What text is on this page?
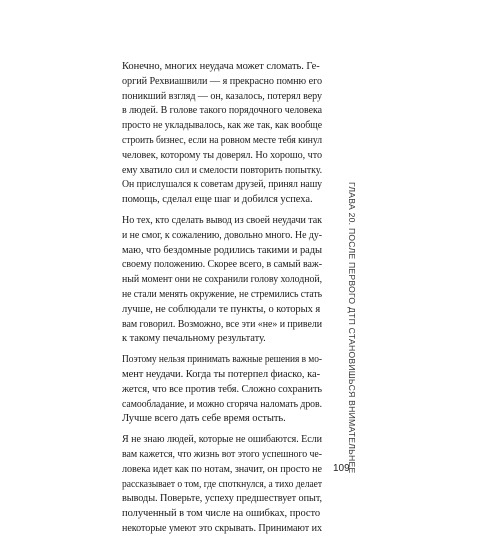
Конечно, многих неудача может сломать. Ге-
оргий Рехвиашвили — я прекрасно помню его
поникший взгляд — он, казалось, потерял веру
в людей. В голове такого порядочного человека
просто не укладывалось, как же так, как вообще
строить бизнес, если на ровном месте тебя кинул
человек, которому ты доверял. Но хорошо, что
ему хватило сил и смелости повторить попытку.
Он прислушался к советам друзей, принял нашу
помощь, сделал еще шаг и добился успеха.

Но тех, кто сделать вывод из своей неудачи так
и не смог, к сожалению, довольно много. Не ду-
маю, что бездомные родились такими и рады
своему положению. Скорее всего, в самый важ-
ный момент они не сохранили голову холодной,
не стали менять окружение, не стремились стать
лучше, не соблюдали те пункты, о которых я
вам говорил. Возможно, все эти «не» и привели
к такому печальному результату.

Поэтому нельзя принимать важные решения в мо-
мент неудачи. Когда ты потерпел фиаско, ка-
жется, что все против тебя. Сложно сохранить
самообладание, и можно сгоряча наломать дров.
Лучше всего дать себе время остыть.

Я не знаю людей, которые не ошибаются. Если
вам кажется, что жизнь вот этого успешного че-
ловека идет как по нотам, значит, он просто не
рассказывает о том, где споткнулся, а тихо делает
выводы. Поверьте, успеху предшествует опыт,
полученный в том числе на ошибках, просто
некоторые умеют это скрывать. Принимают их

ГЛАВА 20. ПОСЛЕ ПЕРВОГО ДТП СТАНОВИШЬСЯ ВНИМАТЕЛЬНЕЕ
109
